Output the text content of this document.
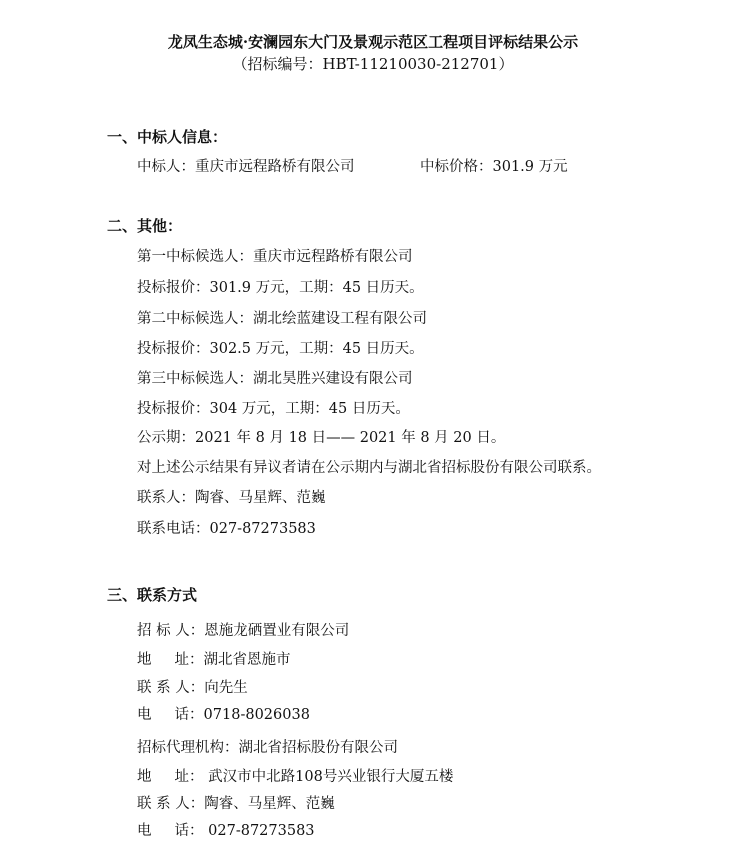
龙凤生态城·安澜园东大门及景观示范区工程项目评标结果公示
（招标编号：HBT-11210030-212701）
一、中标人信息：
中标人：重庆市远程路桥有限公司	中标价格：301.9 万元
二、其他：
第一中标候选人：重庆市远程路桥有限公司
投标报价：301.9 万元，工期：45 日历天。
第二中标候选人：湖北绘蓝建设工程有限公司
投标报价：302.5 万元，工期：45 日历天。
第三中标候选人：湖北昊胜兴建设有限公司
投标报价：304 万元，工期：45 日历天。
公示期：2021 年 8 月 18 日—— 2021 年 8 月 20 日。
对上述公示结果有异议者请在公示期内与湖北省招标股份有限公司联系。
联系人：陶睿、马星辉、范巍
联系电话：027-87273583
三、联系方式
招 标 人：恩施龙硒置业有限公司
地     址：湖北省恩施市
联 系 人：向先生
电     话：0718-8026038
招标代理机构：湖北省招标股份有限公司
地     址： 武汉市中北路108号兴业银行大厦五楼
联 系 人：陶睿、马星辉、范巍
电     话： 027-87273583
